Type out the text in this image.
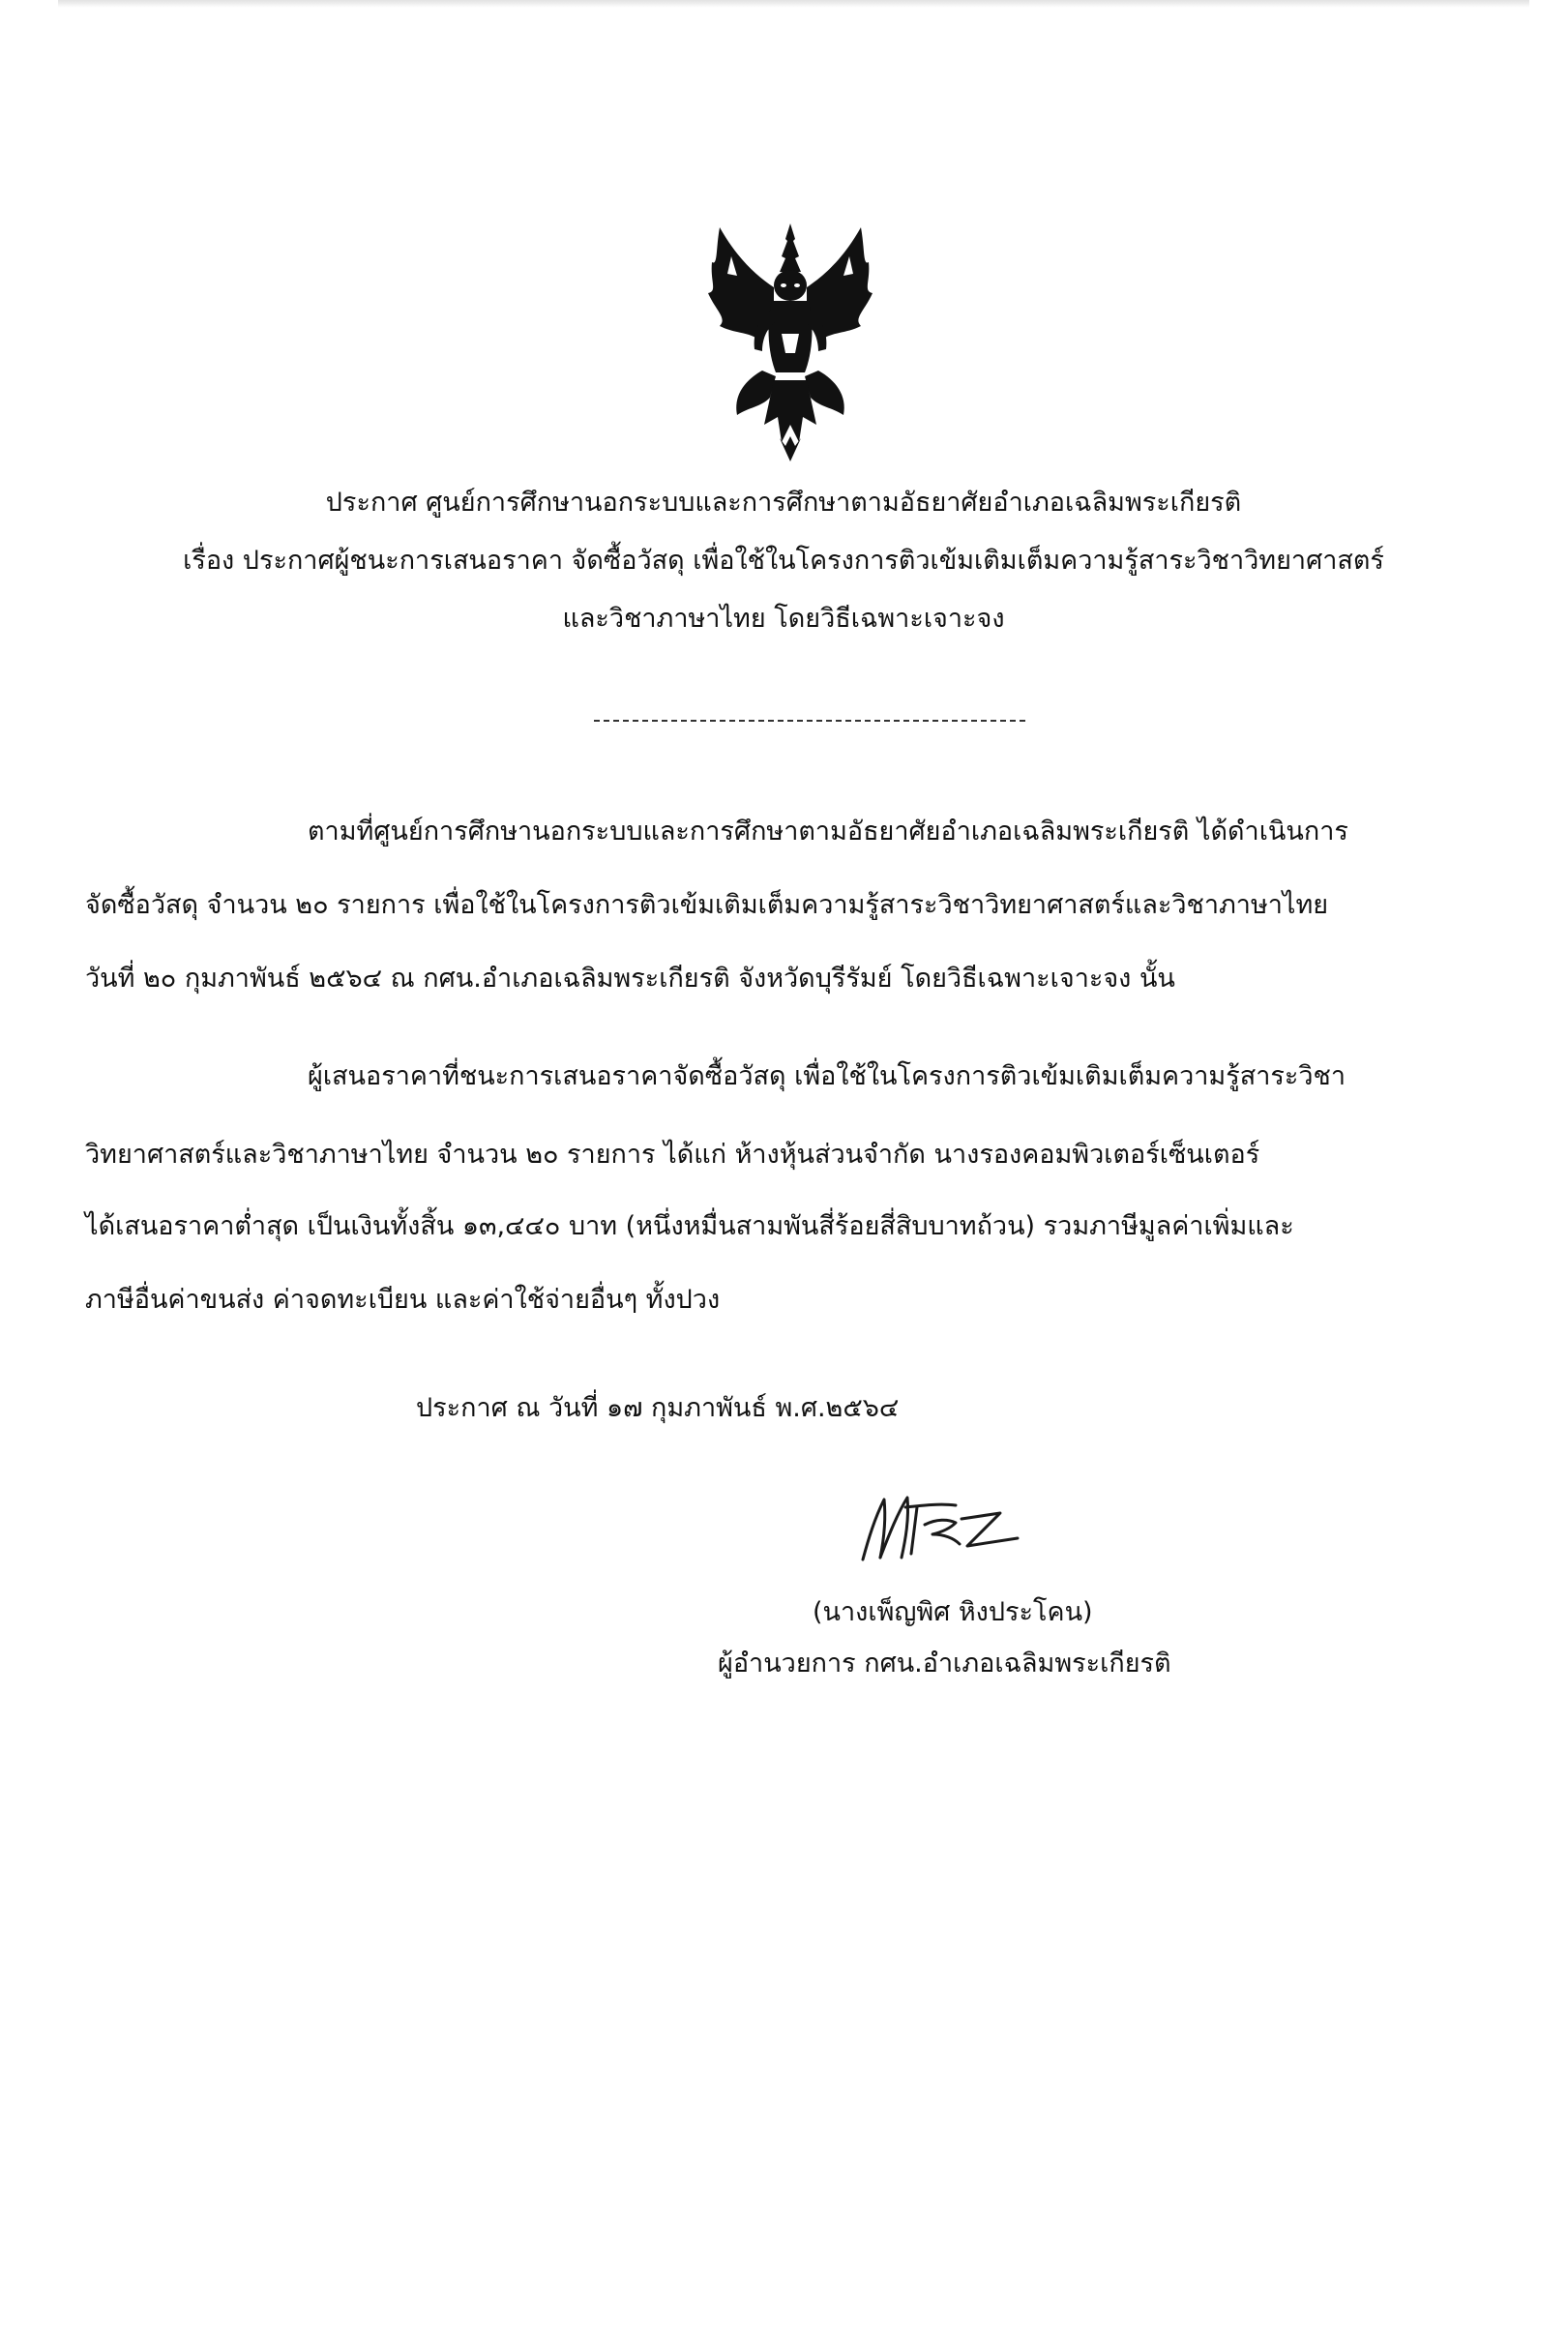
ประกาศ ศูนย์การศึกษานอกระบบและการศึกษาตามอัธยาศัยอำเภอเฉลิมพระเกียรติ
เรื่อง ประกาศผู้ชนะการเสนอราคา จัดซื้อวัสดุ เพื่อใช้ในโครงการติวเข้มเติมเต็มความรู้สาระวิชาวิทยาศาสตร์
และวิชาภาษาไทย โดยวิธีเฉพาะเจาะจง
ตามที่ศูนย์การศึกษานอกระบบและการศึกษาตามอัธยาศัยอำเภอเฉลิมพระเกียรติ ได้ดำเนินการ
จัดซื้อวัสดุ จำนวน ๒๐ รายการ เพื่อใช้ในโครงการติวเข้มเติมเต็มความรู้สาระวิชาวิทยาศาสตร์และวิชาภาษาไทย
วันที่ ๒๐ กุมภาพันธ์ ๒๕๖๔ ณ กศน.อำเภอเฉลิมพระเกียรติ จังหวัดบุรีรัมย์ โดยวิธีเฉพาะเจาะจง นั้น
ผู้เสนอราคาที่ชนะการเสนอราคาจัดซื้อวัสดุ เพื่อใช้ในโครงการติวเข้มเติมเต็มความรู้สาระวิชา
วิทยาศาสตร์และวิชาภาษาไทย จำนวน ๒๐ รายการ ได้แก่ ห้างหุ้นส่วนจำกัด นางรองคอมพิวเตอร์เซ็นเตอร์
ได้เสนอราคาต่ำสุด เป็นเงินทั้งสิ้น ๑๓,๔๔๐ บาท (หนึ่งหมื่นสามพันสี่ร้อยสี่สิบบาทถ้วน) รวมภาษีมูลค่าเพิ่มและ
ภาษีอื่นค่าขนส่ง ค่าจดทะเบียน และค่าใช้จ่ายอื่นๆ ทั้งปวง
ประกาศ ณ วันที่ ๑๗ กุมภาพันธ์ พ.ศ.๒๕๖๔
(นางเพ็ญพิศ หิงประโคน)
ผู้อำนวยการ กศน.อำเภอเฉลิมพระเกียรติ
